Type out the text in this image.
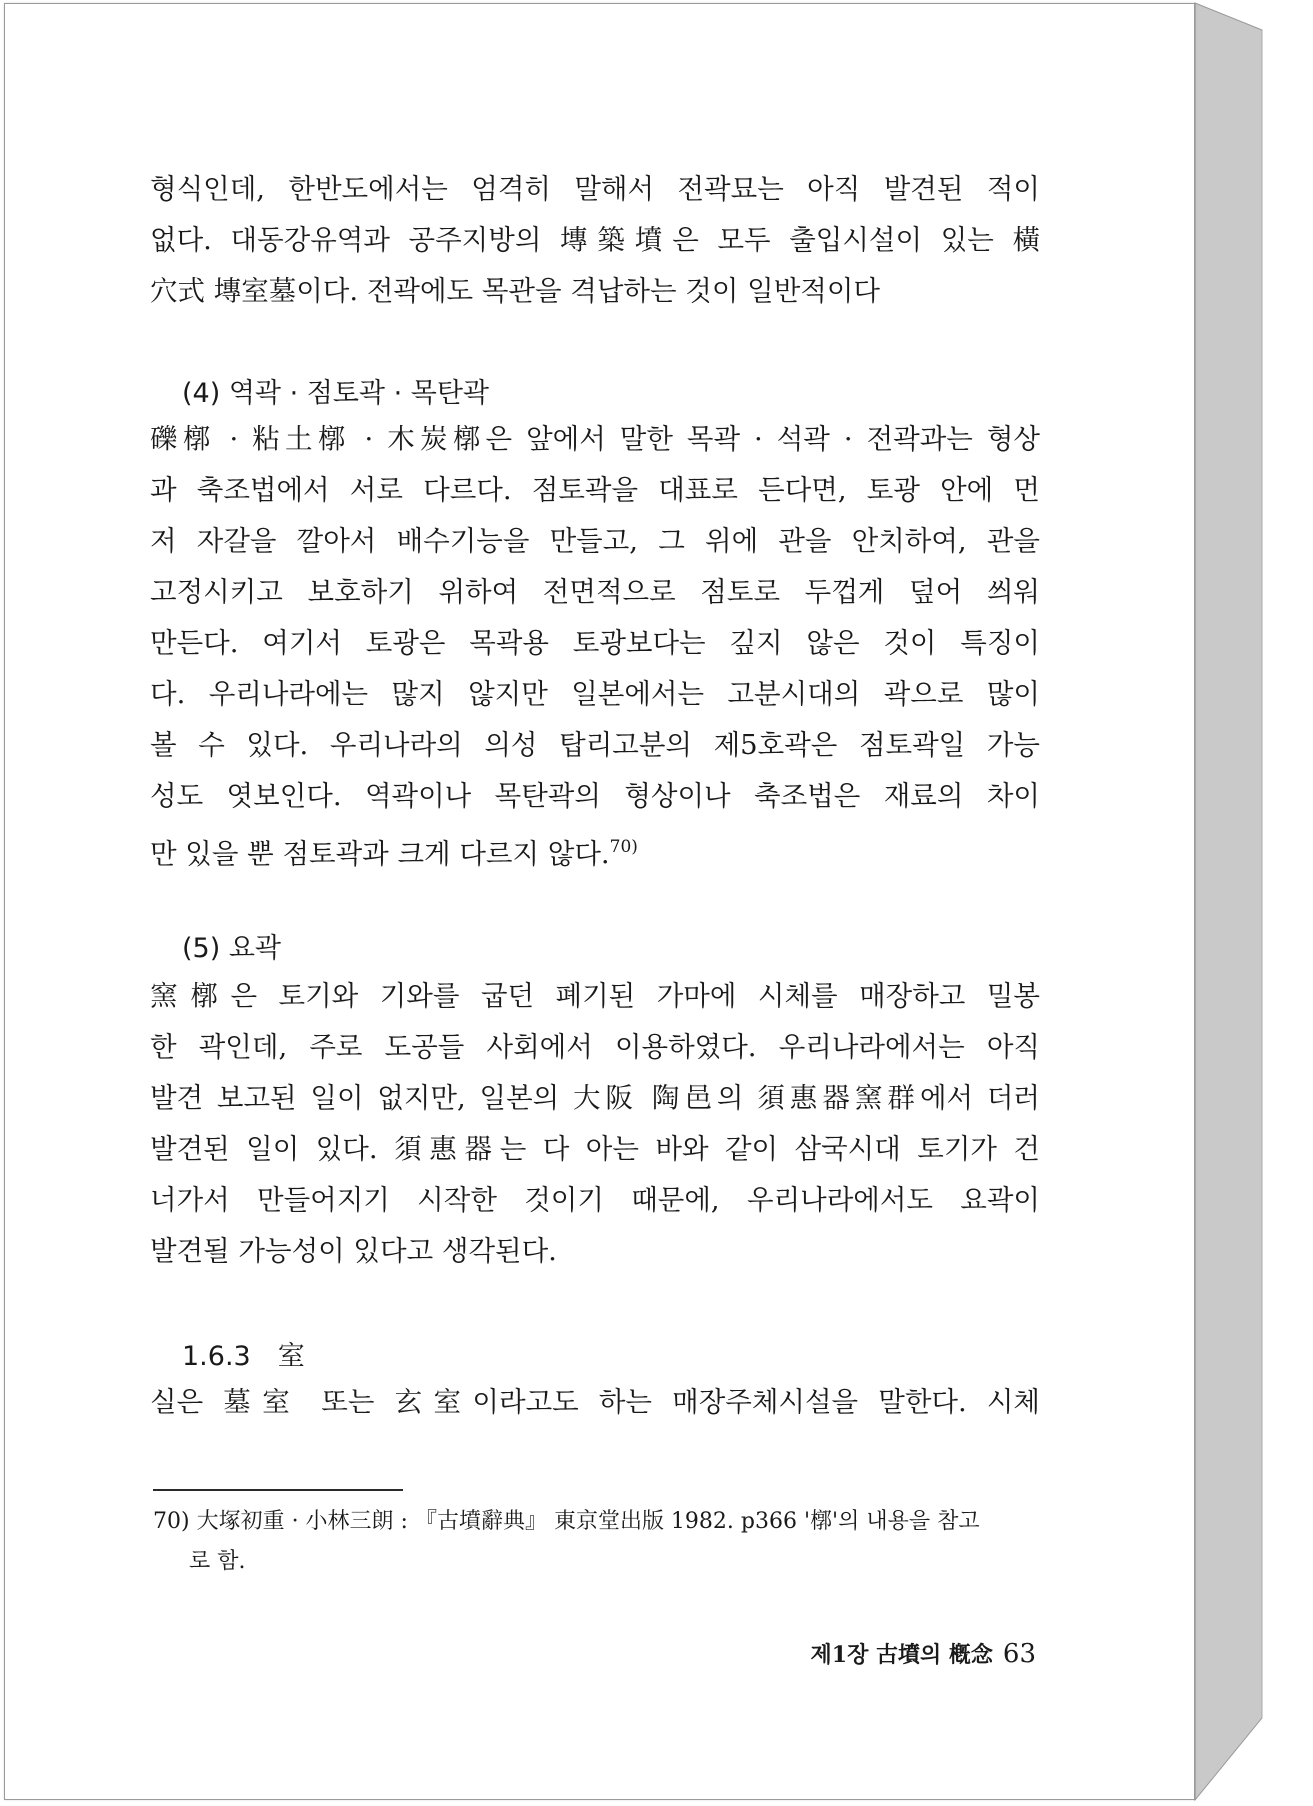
형식인데, 한반도에서는 엄격히 말해서 전곽묘는 아직 발견된 적이
없다. 대동강유역과 공주지방의 塼築墳은 모두 출입시설이 있는 橫
穴式 塼室墓이다. 전곽에도 목관을 격납하는 것이 일반적이다

(4) 역곽 · 점토곽 · 목탄곽

礫槨 · 粘土槨 · 木炭槨은 앞에서 말한 목곽 · 석곽 · 전곽과는 형상
과 축조법에서 서로 다르다. 점토곽을 대표로 든다면, 토광 안에 먼
저 자갈을 깔아서 배수기능을 만들고, 그 위에 관을 안치하여, 관을
고정시키고 보호하기 위하여 전면적으로 점토로 두껍게 덮어 씌워
만든다. 여기서 토광은 목곽용 토광보다는 깊지 않은 것이 특징이
다. 우리나라에는 많지 않지만 일본에서는 고분시대의 곽으로 많이
볼 수 있다. 우리나라의 의성 탑리고분의 제5호곽은 점토곽일 가능
성도 엿보인다. 역곽이나 목탄곽의 형상이나 축조법은 재료의 차이
만 있을 뿐 점토곽과 크게 다르지 않다.$^{70)}$

(5) 요곽

窯槨은 토기와 기와를 굽던 폐기된 가마에 시체를 매장하고 밀봉
한 곽인데, 주로 도공들 사회에서 이용하였다. 우리나라에서는 아직
발견 보고된 일이 없지만, 일본의 大阪 陶邑의 須惠器窯群에서 더러
발견된 일이 있다. 須惠器는 다 아는 바와 같이 삼국시대 토기가 건
너가서 만들어지기 시작한 것이기 때문에, 우리나라에서도 요곽이
발견될 가능성이 있다고 생각된다.

1.6.3　室

실은 墓室 또는 玄室이라고도 하는 매장주체시설을 말한다. 시체

70) 大塚初重 · 小林三朗 : 『古墳辭典』 東京堂出版 1982. p366 '槨'의 내용을 참고
로 함.
제1장 古墳의 槪念 63
